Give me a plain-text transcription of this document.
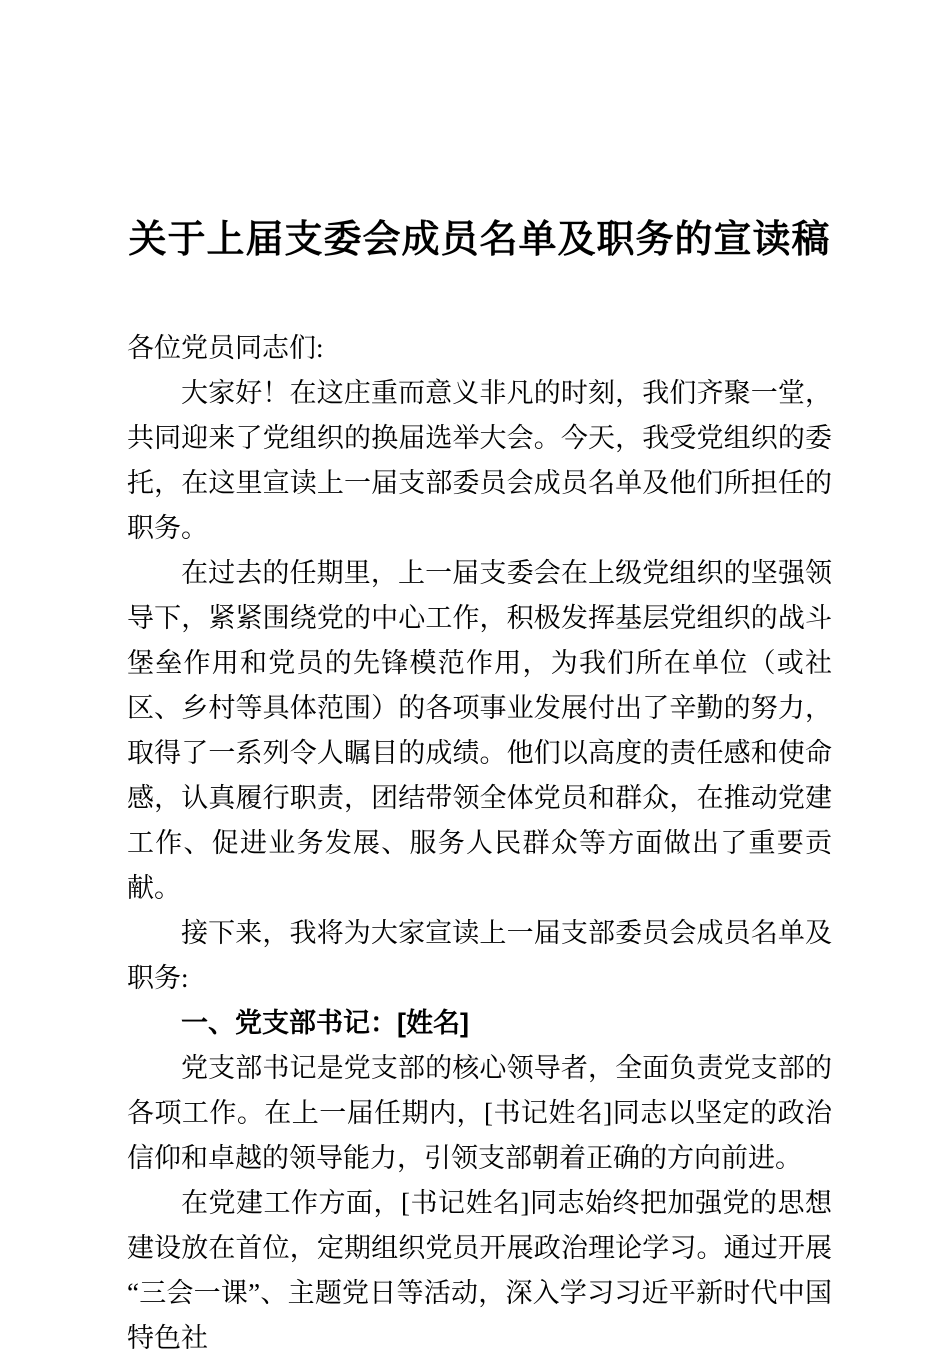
关于上届支委会成员名单及职务的宣读稿

各位党员同志们:

大家好！在这庄重而意义非凡的时刻，我们齐聚一堂，共同迎来了党组织的换届选举大会。今天，我受党组织的委托，在这里宣读上一届支部委员会成员名单及他们所担任的职务。

在过去的任期里，上一届支委会在上级党组织的坚强领导下，紧紧围绕党的中心工作，积极发挥基层党组织的战斗堡垒作用和党员的先锋模范作用，为我们所在单位（或社区、乡村等具体范围）的各项事业发展付出了辛勤的努力，取得了一系列令人瞩目的成绩。他们以高度的责任感和使命感，认真履行职责，团结带领全体党员和群众，在推动党建工作、促进业务发展、服务人民群众等方面做出了重要贡献。

接下来，我将为大家宣读上一届支部委员会成员名单及职务:

一、党支部书记：[姓名]

党支部书记是党支部的核心领导者，全面负责党支部的各项工作。在上一届任期内，[书记姓名]同志以坚定的政治信仰和卓越的领导能力，引领支部朝着正确的方向前进。

在党建工作方面，[书记姓名]同志始终把加强党的思想建设放在首位，定期组织党员开展政治理论学习。通过开展“三会一课”、主题党日等活动，深入学习习近平新时代中国特色社
